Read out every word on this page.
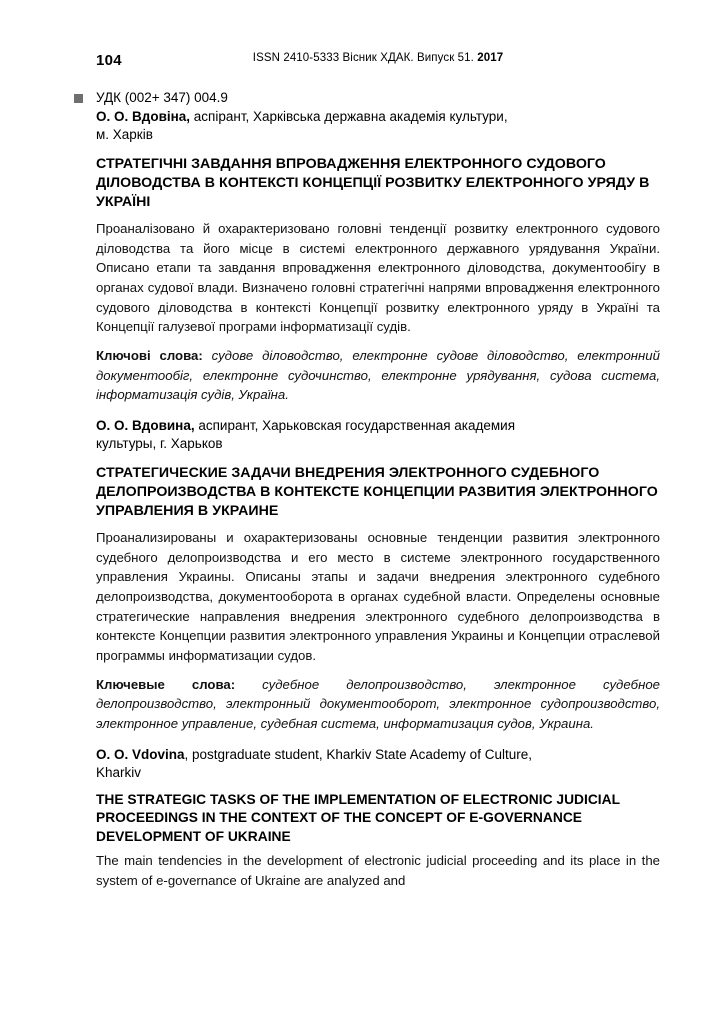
104	ISSN 2410-5333 Вісник ХДАК. Випуск 51. 2017
УДК (002+ 347) 004.9
О. О. Вдовіна, аспірант, Харківська державна академія культури,
м. Харків
СТРАТЕГІЧНІ ЗАВДАННЯ ВПРОВАДЖЕННЯ ЕЛЕКТРОННОГО СУДОВОГО ДІЛОВОДСТВА В КОНТЕКСТІ КОНЦЕПЦІЇ РОЗВИТКУ ЕЛЕКТРОННОГО УРЯДУ В УКРАЇНІ
Проаналізовано й охарактеризовано головні тенденції розвитку електронного судового діловодства та його місце в системі електронного державного урядування України. Описано етапи та завдання впровадження електронного діловодства, документообігу в органах судової влади. Визначено головні стратегічні напрями впровадження електронного судового діловодства в контексті Концепції розвитку електронного уряду в Україні та Концепції галузевої програми інформатизації судів.
Ключові слова: судове діловодство, електронне судове діловодство, електронний документообіг, електронне судочинство, електронне урядування, судова система, інформатизація судів, Україна.
О. О. Вдовина, аспирант, Харьковская государственная академия
культуры, г. Харьков
СТРАТЕГИЧЕСКИЕ ЗАДАЧИ ВНЕДРЕНИЯ ЭЛЕКТРОННОГО СУДЕБНОГО ДЕЛОПРОИЗВОДСТВА В КОНТЕКСТЕ КОНЦЕПЦИИ РАЗВИТИЯ ЭЛЕКТРОННОГО УПРАВЛЕНИЯ В УКРАИНЕ
Проанализированы и охарактеризованы основные тенденции развития электронного судебного делопроизводства и его место в системе электронного государственного управления Украины. Описаны этапы и задачи внедрения электронного судебного делопроизводства, документооборота в органах судебной власти. Определены основные стратегические направления внедрения электронного судебного делопроизводства в контексте Концепции развития электронного управления Украины и Концепции отраслевой программы информатизации судов.
Ключевые слова: судебное делопроизводство, электронное судебное делопроизводство, электронный документооборот, электронное судопроизводство, электронное управление, судебная система, информатизация судов, Украина.
O. O. Vdovina, postgraduate student, Kharkiv State Academy of Culture,
Kharkiv
THE STRATEGIC TASKS OF THE IMPLEMENTATION OF ELECTRONIC JUDICIAL PROCEEDINGS IN THE CONTEXT OF THE CONCEPT OF E-GOVERNANCE DEVELOPMENT OF UKRAINE
The main tendencies in the development of electronic judicial proceeding and its place in the system of e-governance of Ukraine are analyzed and
